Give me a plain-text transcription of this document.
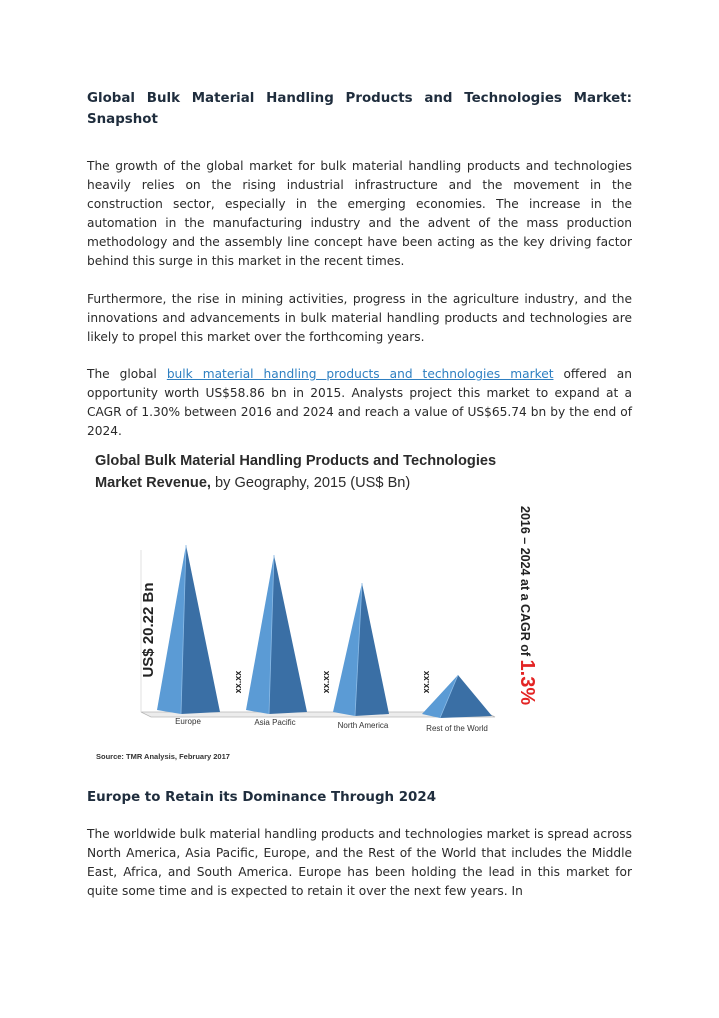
Global Bulk Material Handling Products and Technologies Market: Snapshot

The growth of the global market for bulk material handling products and technologies heavily relies on the rising industrial infrastructure and the movement in the construction sector, especially in the emerging economies. The increase in the automation in the manufacturing industry and the advent of the mass production methodology and the assembly line concept have been acting as the key driving factor behind this surge in this market in the recent times.

Furthermore, the rise in mining activities, progress in the agriculture industry, and the innovations and advancements in bulk material handling products and technologies are likely to propel this market over the forthcoming years.

The global bulk material handling products and technologies market offered an opportunity worth US$58.86 bn in 2015. Analysts project this market to expand at a CAGR of 1.30% between 2016 and 2024 and reach a value of US$65.74 bn by the end of 2024.

Europe	Asia Pacific	North America	Rest of the World
US$ 20.22 Bn
xx.xx	xx.xx	xx.xx
2016 – 2024 at a CAGR of 1.3%
Global Bulk Material Handling Products and Technologies
Market Revenue, by Geography, 2015 (US$ Bn)
Source: TMR Analysis, February 2017
Europe to Retain its Dominance Through 2024

The worldwide bulk material handling products and technologies market is spread across North America, Asia Pacific, Europe, and the Rest of the World that includes the Middle East, Africa, and South America. Europe has been holding the lead in this market for quite some time and is expected to retain it over the next few years. In
